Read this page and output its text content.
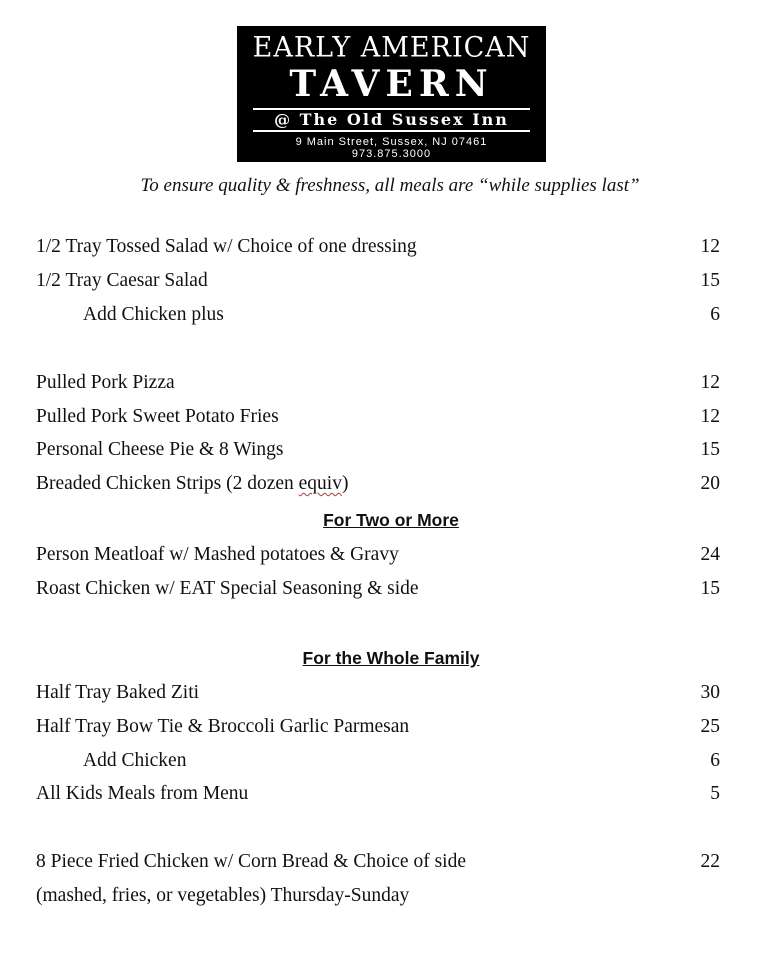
EARLY AMERICAN
TAVERN
@ The Old Sussex Inn
9 Main Street, Sussex, NJ 07461
973.875.3000
To ensure quality & freshness, all meals are “while supplies last”
1/2 Tray Tossed Salad w/ Choice of one dressing	12
1/2 Tray Caesar Salad	15
Add Chicken plus	6
Pulled Pork Pizza	12
Pulled Pork Sweet Potato Fries	12
Personal Cheese Pie & 8 Wings	15
Breaded Chicken Strips (2 dozen equiv)	20
For Two or More
Person Meatloaf w/ Mashed potatoes & Gravy	24
Roast Chicken w/ EAT Special Seasoning & side	15
For the Whole Family
Half Tray Baked Ziti	30
Half Tray Bow Tie & Broccoli Garlic Parmesan	25
Add Chicken	6
All Kids Meals from Menu	5
8 Piece Fried Chicken w/ Corn Bread & Choice of side	22
(mashed, fries, or vegetables) Thursday-Sunday
